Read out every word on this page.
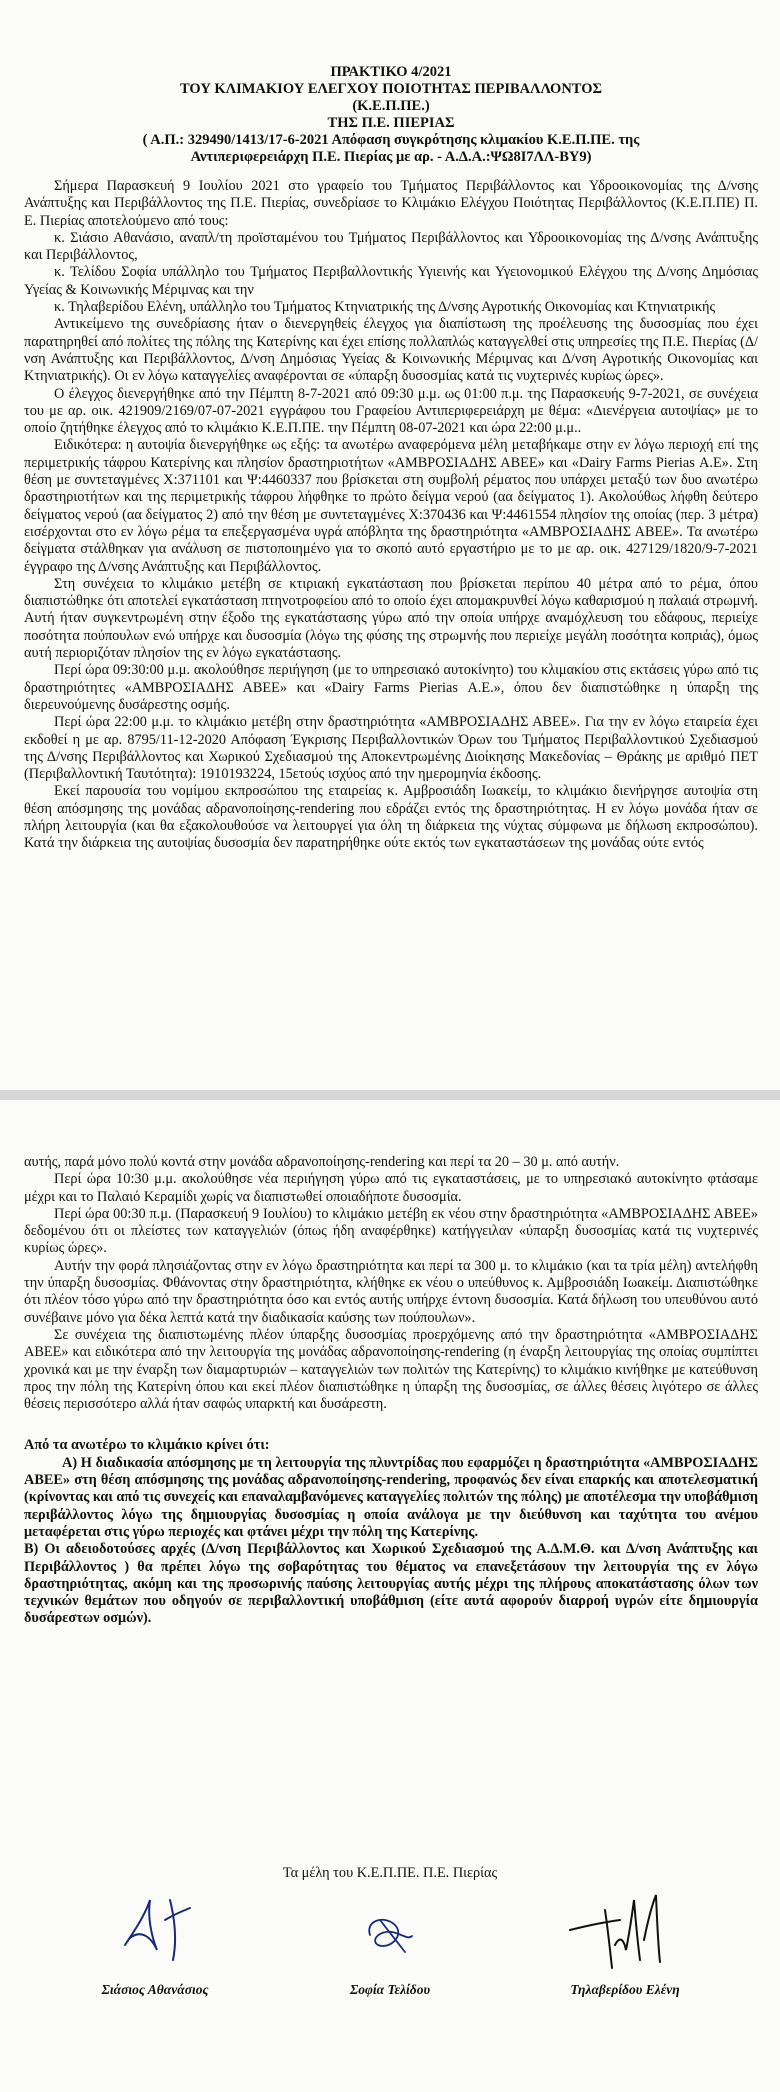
ΠΡΑΚΤΙΚΟ 4/2021
ΤΟΥ ΚΛΙΜΑΚΙΟΥ ΕΛΕΓΧΟΥ ΠΟΙΟΤΗΤΑΣ ΠΕΡΙΒΑΛΛΟΝΤΟΣ
(Κ.Ε.Π.ΠΕ.)
ΤΗΣ Π.Ε. ΠΙΕΡΙΑΣ
( Α.Π.: 329490/1413/17-6-2021 Απόφαση συγκρότησης κλιμακίου Κ.Ε.Π.ΠΕ. της
Αντιπεριφερειάρχη Π.Ε. Πιερίας με αρ. - Α.Δ.Α.:ΨΩ8Ι7ΛΛ-ΒΥ9)

Σήμερα Παρασκευή 9 Ιουλίου 2021 στο γραφείο του Τμήματος Περιβάλλοντος και Υδροοικονομίας της Δ/νσης Ανάπτυξης και Περιβάλλοντος της Π.Ε. Πιερίας, συνεδρίασε το Κλιμάκιο Ελέγχου Ποιότητας Περιβάλλοντος (Κ.Ε.Π.ΠΕ) Π. Ε. Πιερίας αποτελούμενο από τους:

κ. Σιάσιο Αθανάσιο, αναπλ/τη προϊσταμένου του Τμήματος Περιβάλλοντος και Υδροοικονομίας της Δ/νσης Ανάπτυξης και Περιβάλλοντος,

κ. Τελίδου Σοφία υπάλληλο του Τμήματος Περιβαλλοντικής Υγιεινής και Υγειονομικού Ελέγχου της Δ/νσης Δημόσιας Υγείας & Κοινωνικής Μέριμνας και την

κ. Τηλαβερίδου Ελένη, υπάλληλο του Τμήματος Κτηνιατρικής της Δ/νσης Αγροτικής Οικονομίας και Κτηνιατρικής

Αντικείμενο της συνεδρίασης ήταν ο διενεργηθείς έλεγχος για διαπίστωση της προέλευσης της δυσοσμίας που έχει παρατηρηθεί από πολίτες της πόλης της Κατερίνης και έχει επίσης πολλαπλώς καταγγελθεί στις υπηρεσίες της Π.Ε. Πιερίας (Δ/νση Ανάπτυξης και Περιβάλλοντος, Δ/νση Δημόσιας Υγείας & Κοινωνικής Μέριμνας και Δ/νση Αγροτικής Οικονομίας και Κτηνιατρικής). Οι εν λόγω καταγγελίες αναφέρονται σε «ύπαρξη δυσοσμίας κατά τις νυχτερινές κυρίως ώρες».

Ο έλεγχος διενεργήθηκε από την Πέμπτη 8-7-2021 από 09:30 μ.μ. ως 01:00 π.μ. της Παρασκευής 9-7-2021, σε συνέχεια του με αρ. οικ. 421909/2169/07-07-2021 εγγράφου του Γραφείου Αντιπεριφερειάρχη με θέμα: «Διενέργεια αυτοψίας» με το οποίο ζητήθηκε έλεγχος από το κλιμάκιο Κ.Ε.Π.ΠΕ. την Πέμπτη 08-07-2021 και ώρα 22:00 μ.μ..

Ειδικότερα: η αυτοψία διενεργήθηκε ως εξής: τα ανωτέρω αναφερόμενα μέλη μεταβήκαμε στην εν λόγω περιοχή επί της περιμετρικής τάφρου Κατερίνης και πλησίον δραστηριοτήτων «ΑΜΒΡΟΣΙΑΔΗΣ ΑΒΕΕ» και «Dairy Farms Pierias Α.Ε». Στη θέση με συντεταγμένες Χ:371101 και Ψ:4460337 που βρίσκεται στη συμβολή ρέματος που υπάρχει μεταξύ των δυο ανωτέρω δραστηριοτήτων και της περιμετρικής τάφρου λήφθηκε το πρώτο δείγμα νερού (αα δείγματος 1). Ακολούθως λήφθη δεύτερο δείγματος νερού (αα δείγματος 2) από την θέση με συντεταγμένες Χ:370436 και Ψ:4461554 πλησίον της οποίας (περ. 3 μέτρα) εισέρχονται στο εν λόγω ρέμα τα επεξεργασμένα υγρά απόβλητα της δραστηριότητα «ΑΜΒΡΟΣΙΑΔΗΣ ΑΒΕΕ». Τα ανωτέρω δείγματα στάλθηκαν για ανάλυση σε πιστοποιημένο για το σκοπό αυτό εργαστήριο με το με αρ. οικ. 427129/1820/9-7-2021 έγγραφο της Δ/νσης Ανάπτυξης και Περιβάλλοντος.

Στη συνέχεια το κλιμάκιο μετέβη σε κτιριακή εγκατάσταση που βρίσκεται περίπου 40 μέτρα από το ρέμα, όπου διαπιστώθηκε ότι αποτελεί εγκατάσταση πτηνοτροφείου από το οποίο έχει απομακρυνθεί λόγω καθαρισμού η παλαιά στρωμνή. Αυτή ήταν συγκεντρωμένη στην έξοδο της εγκατάστασης γύρω από την οποία υπήρχε αναμόχλευση του εδάφους, περιείχε ποσότητα πούπουλων ενώ υπήρχε και δυσοσμία (λόγω της φύσης της στρωμνής που περιείχε μεγάλη ποσότητα κοπριάς), όμως αυτή περιοριζόταν πλησίον της εν λόγω εγκατάστασης.

Περί ώρα 09:30:00 μ.μ. ακολούθησε περιήγηση (με το υπηρεσιακό αυτοκίνητο) του κλιμακίου στις εκτάσεις γύρω από τις δραστηριότητες «ΑΜΒΡΟΣΙΑΔΗΣ ΑΒΕΕ» και «Dairy Farms Pierias Α.Ε.», όπου δεν διαπιστώθηκε η ύπαρξη της διερευνούμενης δυσάρεστης οσμής.

Περί ώρα 22:00 μ.μ. το κλιμάκιο μετέβη στην δραστηριότητα «ΑΜΒΡΟΣΙΑΔΗΣ ΑΒΕΕ». Για την εν λόγω εταιρεία έχει εκδοθεί η με αρ. 8795/11-12-2020 Απόφαση Έγκρισης Περιβαλλοντικών Όρων του Τμήματος Περιβαλλοντικού Σχεδιασμού της Δ/νσης Περιβάλλοντος και Χωρικού Σχεδιασμού της Αποκεντρωμένης Διοίκησης Μακεδονίας – Θράκης με αριθμό ΠΕΤ (Περιβαλλοντική Ταυτότητα): 1910193224, 15ετούς ισχύος από την ημερομηνία έκδοσης.

Εκεί παρουσία του νομίμου εκπροσώπου της εταιρείας κ. Αμβροσιάδη Ιωακείμ, το κλιμάκιο διενήργησε αυτοψία στη θέση απόσμησης της μονάδας αδρανοποίησης-rendering που εδράζει εντός της δραστηριότητας. Η εν λόγω μονάδα ήταν σε πλήρη λειτουργία (και θα εξακολουθούσε να λειτουργεί για όλη τη διάρκεια της νύχτας σύμφωνα με δήλωση εκπροσώπου). Κατά την διάρκεια της αυτοψίας δυσοσμία δεν παρατηρήθηκε ούτε εκτός των εγκαταστάσεων της μονάδας ούτε εντός

αυτής, παρά μόνο πολύ κοντά στην μονάδα αδρανοποίησης-rendering και περί τα 20 – 30 μ. από αυτήν.

Περί ώρα 10:30 μ.μ. ακολούθησε νέα περιήγηση γύρω από τις εγκαταστάσεις, με το υπηρεσιακό αυτοκίνητο φτάσαμε μέχρι και το Παλαιό Κεραμίδι χωρίς να διαπιστωθεί οποιαδήποτε δυσοσμία.

Περί ώρα 00:30 π.μ. (Παρασκευή 9 Ιουλίου) το κλιμάκιο μετέβη εκ νέου στην δραστηριότητα «ΑΜΒΡΟΣΙΑΔΗΣ ΑΒΕΕ» δεδομένου ότι οι πλείστες των καταγγελιών (όπως ήδη αναφέρθηκε) κατήγγειλαν «ύπαρξη δυσοσμίας κατά τις νυχτερινές κυρίως ώρες».

Αυτήν την φορά πλησιάζοντας στην εν λόγω δραστηριότητα και περί τα 300 μ. το κλιμάκιο (και τα τρία μέλη) αντελήφθη την ύπαρξη δυσοσμίας. Φθάνοντας στην δραστηριότητα, κλήθηκε εκ νέου ο υπεύθυνος κ. Αμβροσιάδη Ιωακείμ. Διαπιστώθηκε ότι πλέον τόσο γύρω από την δραστηριότητα όσο και εντός αυτής υπήρχε έντονη δυσοσμία. Κατά δήλωση του υπευθύνου αυτό συνέβαινε μόνο για δέκα λεπτά κατά την διαδικασία καύσης των πούπουλων».

Σε συνέχεια της διαπιστωμένης πλέον ύπαρξης δυσοσμίας προερχόμενης από την δραστηριότητα «ΑΜΒΡΟΣΙΑΔΗΣ ΑΒΕΕ» και ειδικότερα από την λειτουργία της μονάδας αδρανοποίησης-rendering (η έναρξη λειτουργίας της οποίας συμπίπτει χρονικά και με την έναρξη των διαμαρτυριών – καταγγελιών των πολιτών της Κατερίνης) το κλιμάκιο κινήθηκε με κατεύθυνση προς την πόλη της Κατερίνη όπου και εκεί πλέον διαπιστώθηκε η ύπαρξη της δυσοσμίας, σε άλλες θέσεις λιγότερο σε άλλες θέσεις περισσότερο αλλά ήταν σαφώς υπαρκτή και δυσάρεστη.

Από τα ανωτέρω το κλιμάκιο κρίνει ότι:

Α) Η διαδικασία απόσμησης με τη λειτουργία της πλυντρίδας που εφαρμόζει η δραστηριότητα «ΑΜΒΡΟΣΙΑΔΗΣ ΑΒΕΕ» στη θέση απόσμησης της μονάδας αδρανοποίησης-rendering, προφανώς δεν είναι επαρκής και αποτελεσματική (κρίνοντας και από τις συνεχείς και επαναλαμβανόμενες καταγγελίες πολιτών της πόλης) με αποτέλεσμα την υποβάθμιση περιβάλλοντος λόγω της δημιουργίας δυσοσμίας η οποία ανάλογα με την διεύθυνση και ταχύτητα του ανέμου μεταφέρεται στις γύρω περιοχές και φτάνει μέχρι την πόλη της Κατερίνης.

Β) Οι αδειοδοτούσες αρχές (Δ/νση Περιβάλλοντος και Χωρικού Σχεδιασμού της Α.Δ.Μ.Θ. και Δ/νση Ανάπτυξης και Περιβάλλοντος ) θα πρέπει λόγω της σοβαρότητας του θέματος να επανεξετάσουν την λειτουργία της εν λόγω δραστηριότητας, ακόμη και της προσωρινής παύσης λειτουργίας αυτής μέχρι της πλήρους αποκατάστασης όλων των τεχνικών θεμάτων που οδηγούν σε περιβαλλοντική υποβάθμιση (είτε αυτά αφορούν διαρροή υγρών είτε δημιουργία δυσάρεστων οσμών).

Τα μέλη του Κ.Ε.Π.ΠΕ. Π.Ε. Πιερίας
Σιάσιος Αθανάσιος	Σοφία Τελίδου	Τηλαβερίδου Ελένη
